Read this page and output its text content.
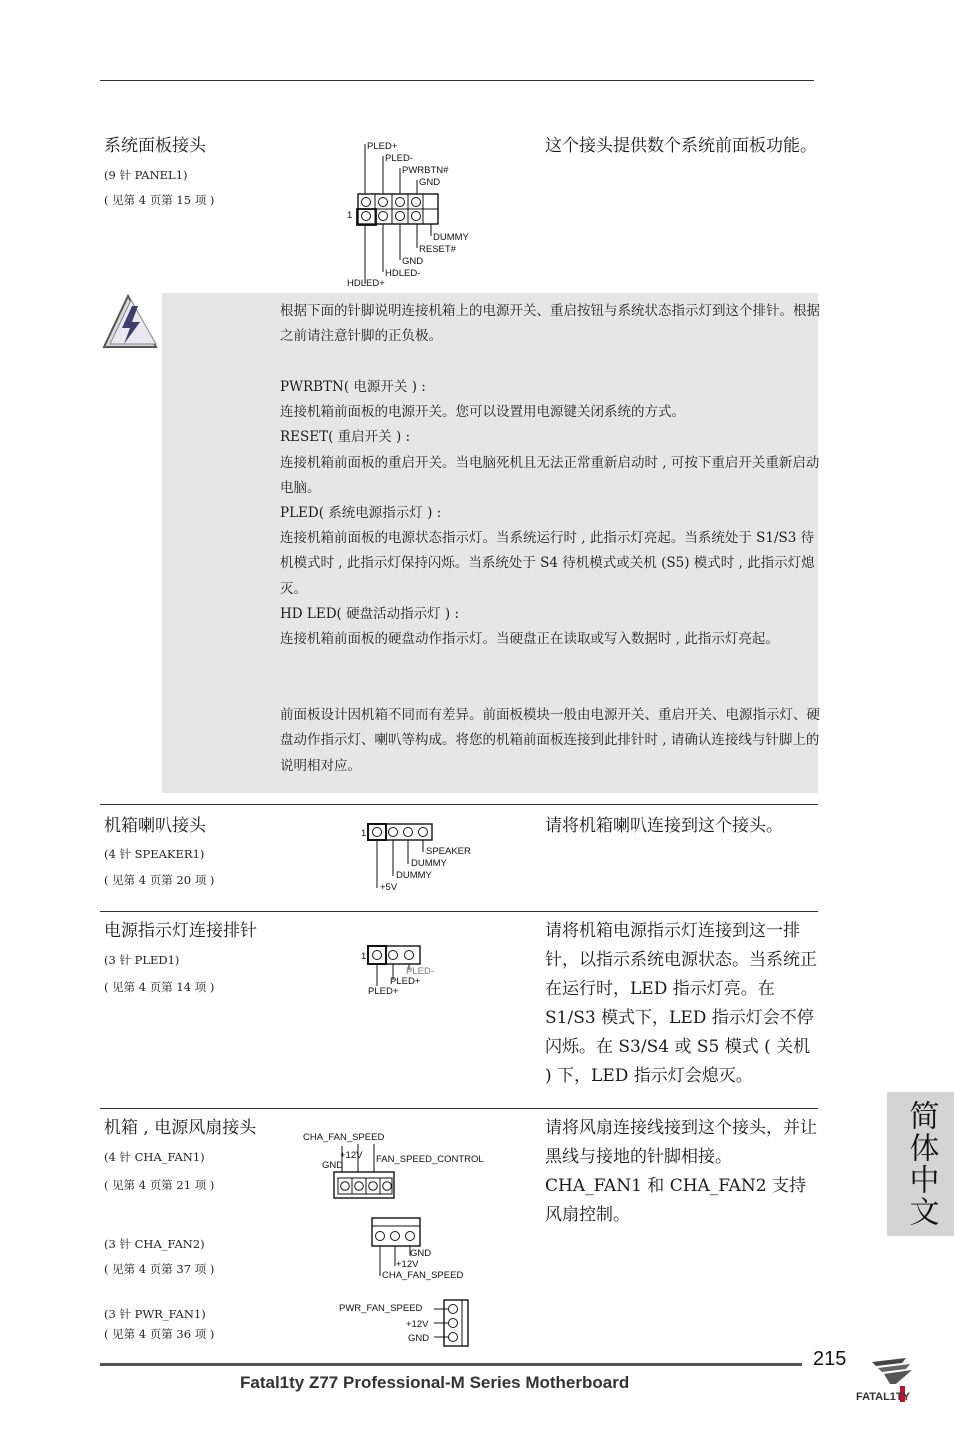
系统面板接头
(9 针 PANEL1)
( 见第 4 页第 15 项 )
这个接头提供数个系统前面板功能。
1
PLED+
PLED-
PWRBTN#
GND
DUMMY
RESET#
GND
HDLED-
HDLED+
根据下面的针脚说明连接机箱上的电源开关、重启按钮与系统状态指示灯到这个排针。根据之前请注意针脚的正负极。
PWRBTN( 电源开关 ) :
连接机箱前面板的电源开关。您可以设置用电源键关闭系统的方式。
RESET( 重启开关 ) :
连接机箱前面板的重启开关。当电脑死机且无法正常重新启动时 , 可按下重启开关重新启动电脑。
PLED( 系统电源指示灯 ) :
连接机箱前面板的电源状态指示灯。当系统运行时 , 此指示灯亮起。当系统处于 S1/S3 待机模式时 , 此指示灯保持闪烁。当系统处于 S4 待机模式或关机 (S5) 模式时 , 此指示灯熄灭。
HD LED( 硬盘活动指示灯 ) :
连接机箱前面板的硬盘动作指示灯。当硬盘正在读取或写入数据时 , 此指示灯亮起。
前面板设计因机箱不同而有差异。前面板模块一般由电源开关、重启开关、电源指示灯、硬盘动作指示灯、喇叭等构成。将您的机箱前面板连接到此排针时 , 请确认连接线与针脚上的说明相对应。
机箱喇叭接头
(4 针 SPEAKER1)
( 见第 4 页第 20 项 )
请将机箱喇叭连接到这个接头。
1
SPEAKER
DUMMY
DUMMY
+5V
电源指示灯连接排针
(3 针 PLED1)
( 见第 4 页第 14 项 )
请将机箱电源指示灯连接到这一排针，以指示系统电源状态。当系统正在运行时，LED 指示灯亮。在 S1/S3 模式下，LED 指示灯会不停闪烁。在 S3/S4 或 S5 模式 ( 关机 ) 下，LED 指示灯会熄灭。
1
PLED-
PLED+
PLED+
机箱 , 电源风扇接头
(4 针 CHA_FAN1)
( 见第 4 页第 21 项 )
(3 针 CHA_FAN2)
( 见第 4 页第 37 项 )
(3 针 PWR_FAN1)
( 见第 4 页第 36 项 )
请将风扇连接线接到这个接头，并让黑线与接地的针脚相接。CHA_FAN1 和 CHA_FAN2 支持风扇控制。
CHA_FAN_SPEED
+12V
GND
FAN_SPEED_CONTROL
GND
+12V
CHA_FAN_SPEED
PWR_FAN_SPEED
+12V
GND
简体中文
215
Fatal1ty Z77 Professional-M Series Motherboard
FATAL1TY
